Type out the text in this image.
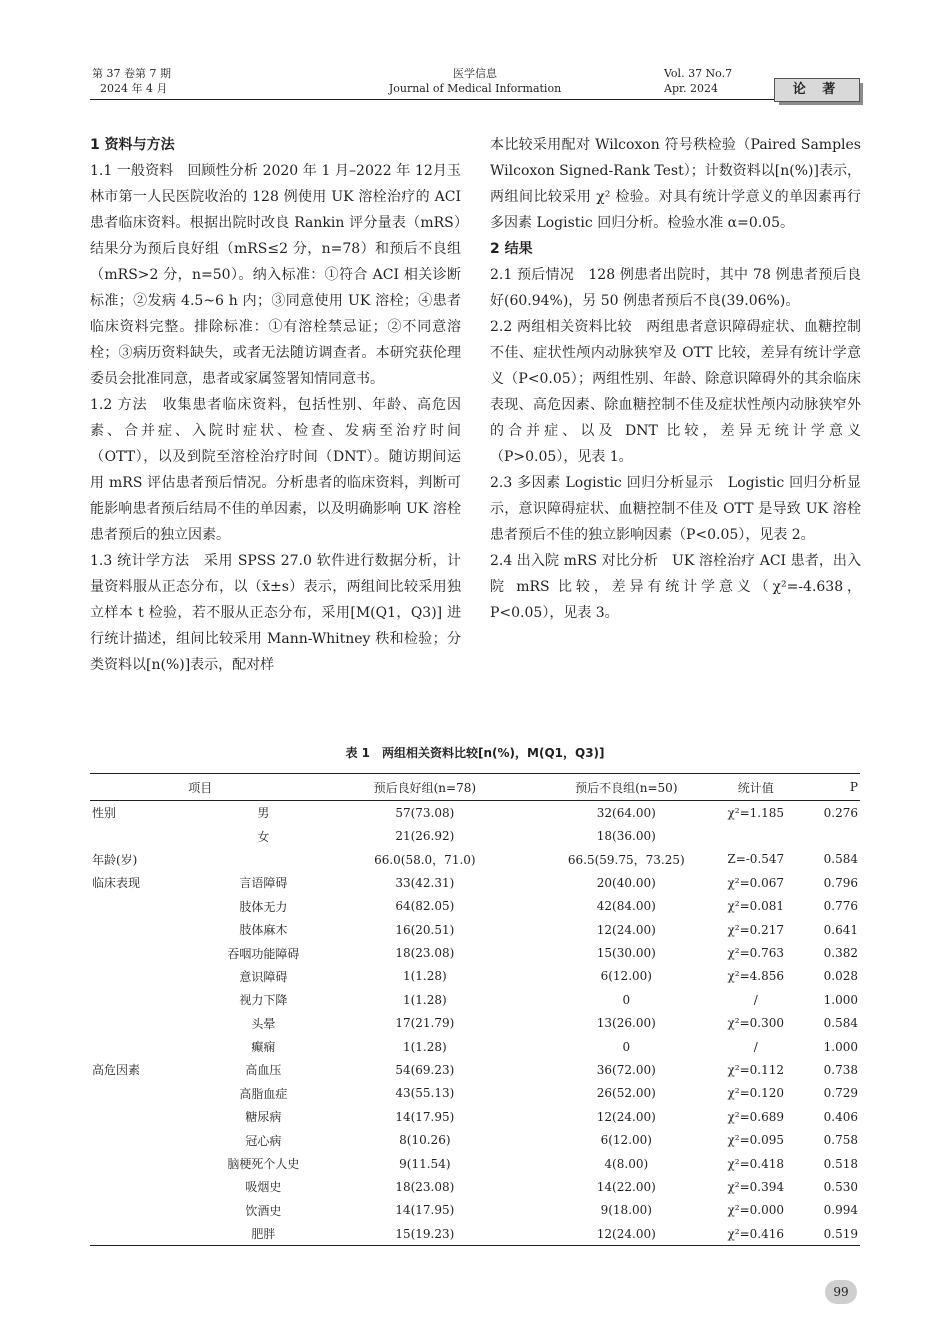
第 37 卷第 7 期
2024 年 4 月
医学信息
Journal of Medical Information
Vol. 37 No.7
Apr. 2024	论 著

1 资料与方法

1.1 一般资料　回顾性分析 2020 年 1 月–2022 年 12月玉林市第一人民医院收治的 128 例使用 UK 溶栓治疗的 ACI 患者临床资料。根据出院时改良 Rankin 评分量表（mRS）结果分为预后良好组（mRS≤2 分，n=78）和预后不良组（mRS>2 分，n=50）。纳入标准：①符合 ACI 相关诊断标准；②发病 4.5~6 h 内；③同意使用 UK 溶栓；④患者临床资料完整。排除标准：①有溶栓禁忌证；②不同意溶栓；③病历资料缺失，或者无法随访调查者。本研究获伦理委员会批准同意，患者或家属签署知情同意书。

1.2 方法　收集患者临床资料，包括性别、年龄、高危因素、合并症、入院时症状、检查、发病至治疗时间（OTT），以及到院至溶栓治疗时间（DNT）。随访期间运用 mRS 评估患者预后情况。分析患者的临床资料，判断可能影响患者预后结局不佳的单因素，以及明确影响 UK 溶栓患者预后的独立因素。

1.3 统计学方法　采用 SPSS 27.0 软件进行数据分析，计量资料服从正态分布，以（x̄±s）表示，两组间比较采用独立样本 t 检验，若不服从正态分布，采用[M(Q1，Q3)] 进行统计描述，组间比较采用 Mann-Whitney 秩和检验；分类资料以[n(%)]表示，配对样

本比较采用配对 Wilcoxon 符号秩检验（Paired Samples Wilcoxon Signed-Rank Test）；计数资料以[n(%)]表示，两组间比较采用 χ² 检验。对具有统计学意义的单因素再行多因素 Logistic 回归分析。检验水准 α=0.05。

2 结果

2.1 预后情况　128 例患者出院时，其中 78 例患者预后良好(60.94%)，另 50 例患者预后不良(39.06%)。

2.2 两组相关资料比较　两组患者意识障碍症状、血糖控制不佳、症状性颅内动脉狭窄及 OTT 比较，差异有统计学意义（P<0.05）；两组性别、年龄、除意识障碍外的其余临床表现、高危因素、除血糖控制不佳及症状性颅内动脉狭窄外的合并症、以及 DNT 比较，差异无统计学意义（P>0.05），见表 1。

2.3 多因素 Logistic 回归分析显示　Logistic 回归分析显示，意识障碍症状、血糖控制不佳及 OTT 是导致 UK 溶栓患者预后不佳的独立影响因素（P<0.05），见表 2。

2.4 出入院 mRS 对比分析　UK 溶栓治疗 ACI 患者，出入院 mRS 比较，差异有统计学意义（χ²=-4.638，P<0.05），见表 3。

表 1　两组相关资料比较[n(%)，M(Q1，Q3)]
项目		预后良好组(n=78)	预后不良组(n=50)	统计值	P
性别	男	57(73.08)	32(64.00)	χ²=1.185	0.276
	女	21(26.92)	18(36.00)		
年龄(岁)		66.0(58.0，71.0)	66.5(59.75，73.25)	Z=-0.547	0.584
临床表现	言语障碍	33(42.31)	20(40.00)	χ²=0.067	0.796
	肢体无力	64(82.05)	42(84.00)	χ²=0.081	0.776
	肢体麻木	16(20.51)	12(24.00)	χ²=0.217	0.641
	吞咽功能障碍	18(23.08)	15(30.00)	χ²=0.763	0.382
	意识障碍	1(1.28)	6(12.00)	χ²=4.856	0.028
	视力下降	1(1.28)	0	/	1.000
	头晕	17(21.79)	13(26.00)	χ²=0.300	0.584
	癫痫	1(1.28)	0	/	1.000
高危因素	高血压	54(69.23)	36(72.00)	χ²=0.112	0.738
	高脂血症	43(55.13)	26(52.00)	χ²=0.120	0.729
	糖尿病	14(17.95)	12(24.00)	χ²=0.689	0.406
	冠心病	8(10.26)	6(12.00)	χ²=0.095	0.758
	脑梗死个人史	9(11.54)	4(8.00)	χ²=0.418	0.518
	吸烟史	18(23.08)	14(22.00)	χ²=0.394	0.530
	饮酒史	14(17.95)	9(18.00)	χ²=0.000	0.994
	肥胖	15(19.23)	12(24.00)	χ²=0.416	0.519
99
